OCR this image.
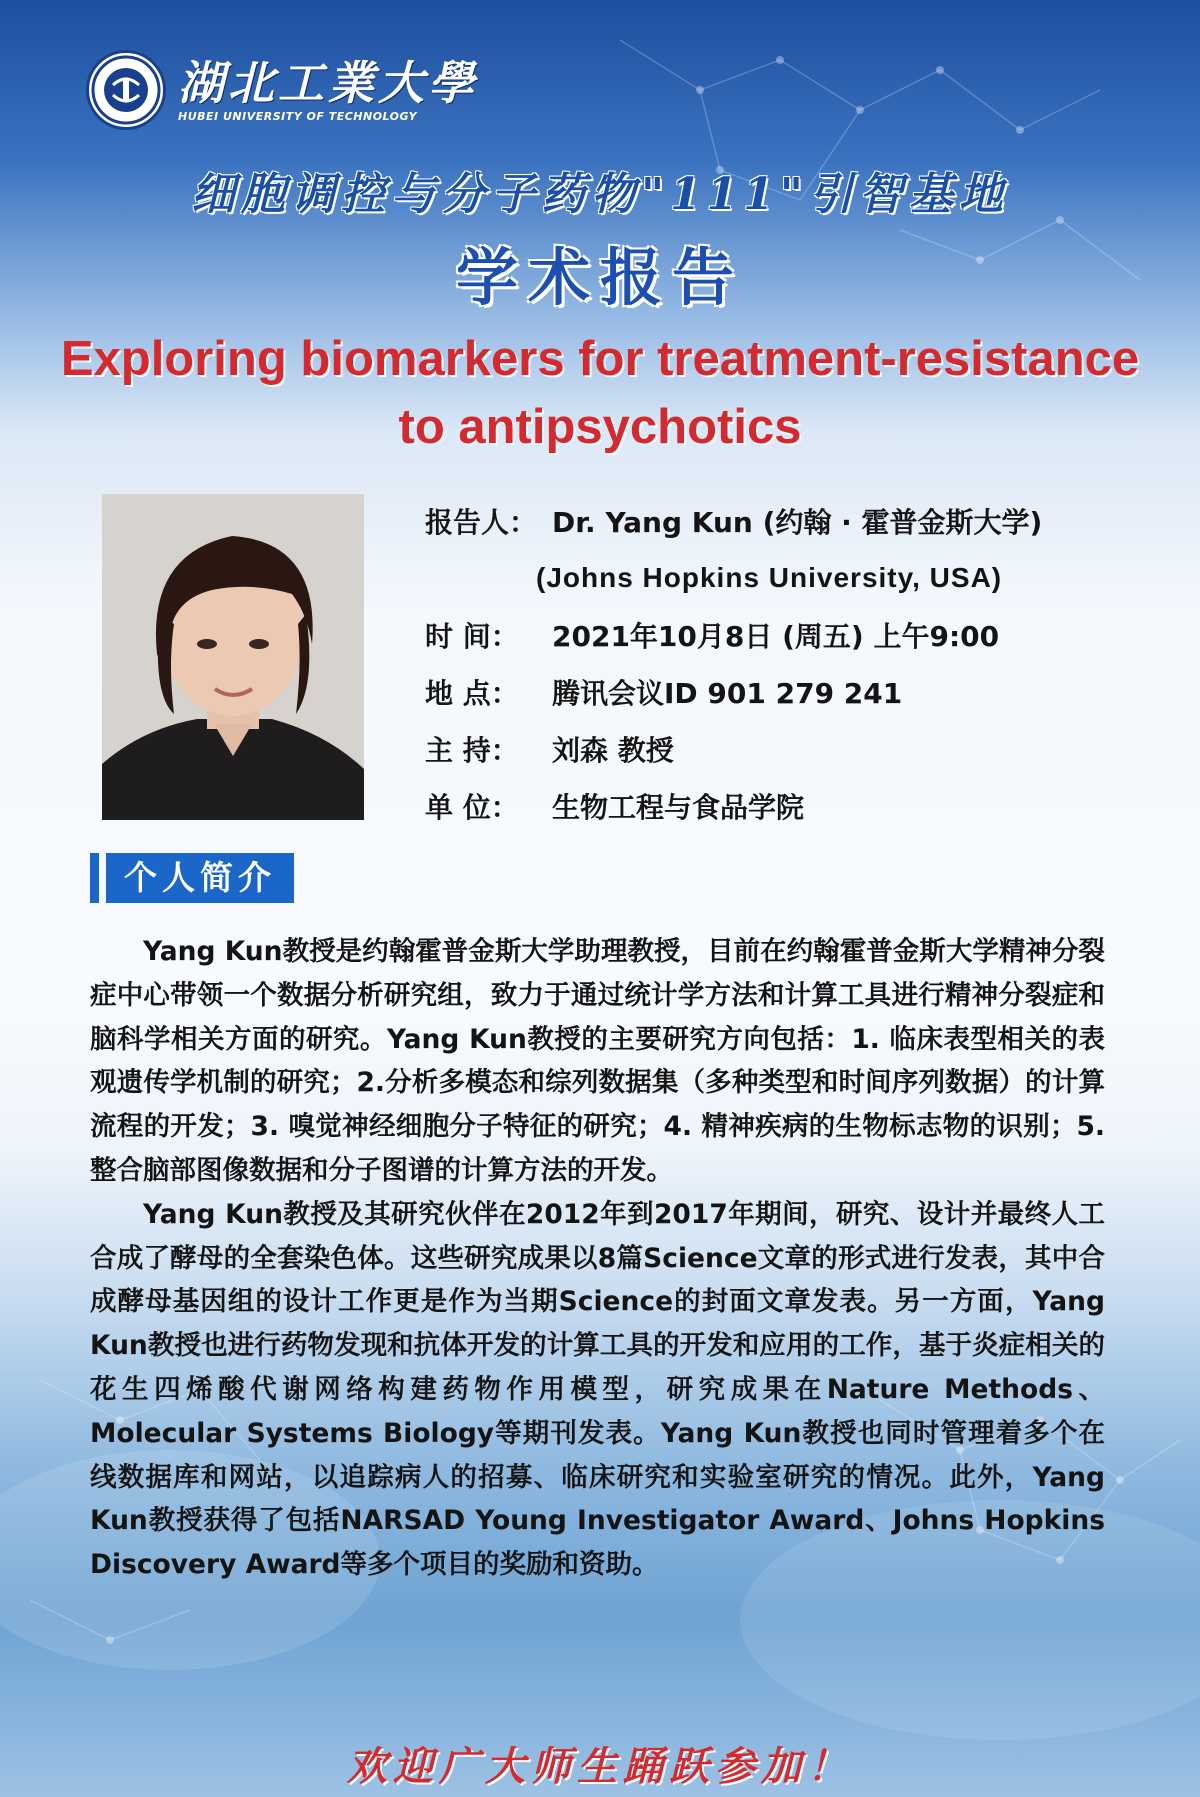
湖北工業大學
HUBEI UNIVERSITY OF TECHNOLOGY
细胞调控与分子药物"111"引智基地
学术报告
Exploring biomarkers for treatment-resistance
to antipsychotics
报告人： Dr. Yang Kun (约翰 · 霍普金斯大学)
(Johns Hopkins University, USA)
时 间：	2021年10月8日 (周五) 上午9:00
地 点：	腾讯会议ID 901 279 241
主 持：	刘森 教授
单 位：	生物工程与食品学院
个人简介

Yang Kun教授是约翰霍普金斯大学助理教授，目前在约翰霍普金斯大学精神分裂症中心带领一个数据分析研究组，致力于通过统计学方法和计算工具进行精神分裂症和脑科学相关方面的研究。Yang Kun教授的主要研究方向包括：1. 临床表型相关的表观遗传学机制的研究；2.分析多模态和综列数据集（多种类型和时间序列数据）的计算流程的开发；3. 嗅觉神经细胞分子特征的研究；4. 精神疾病的生物标志物的识别；5. 整合脑部图像数据和分子图谱的计算方法的开发。

Yang Kun教授及其研究伙伴在2012年到2017年期间，研究、设计并最终人工合成了酵母的全套染色体。这些研究成果以8篇Science文章的形式进行发表，其中合成酵母基因组的设计工作更是作为当期Science的封面文章发表。另一方面，Yang Kun教授也进行药物发现和抗体开发的计算工具的开发和应用的工作，基于炎症相关的花生四烯酸代谢网络构建药物作用模型，研究成果在Nature Methods、Molecular Systems Biology等期刊发表。Yang Kun教授也同时管理着多个在线数据库和网站，以追踪病人的招募、临床研究和实验室研究的情况。此外，Yang Kun教授获得了包括NARSAD Young Investigator Award、Johns Hopkins Discovery Award等多个项目的奖励和资助。

欢迎广大师生踊跃参加！
